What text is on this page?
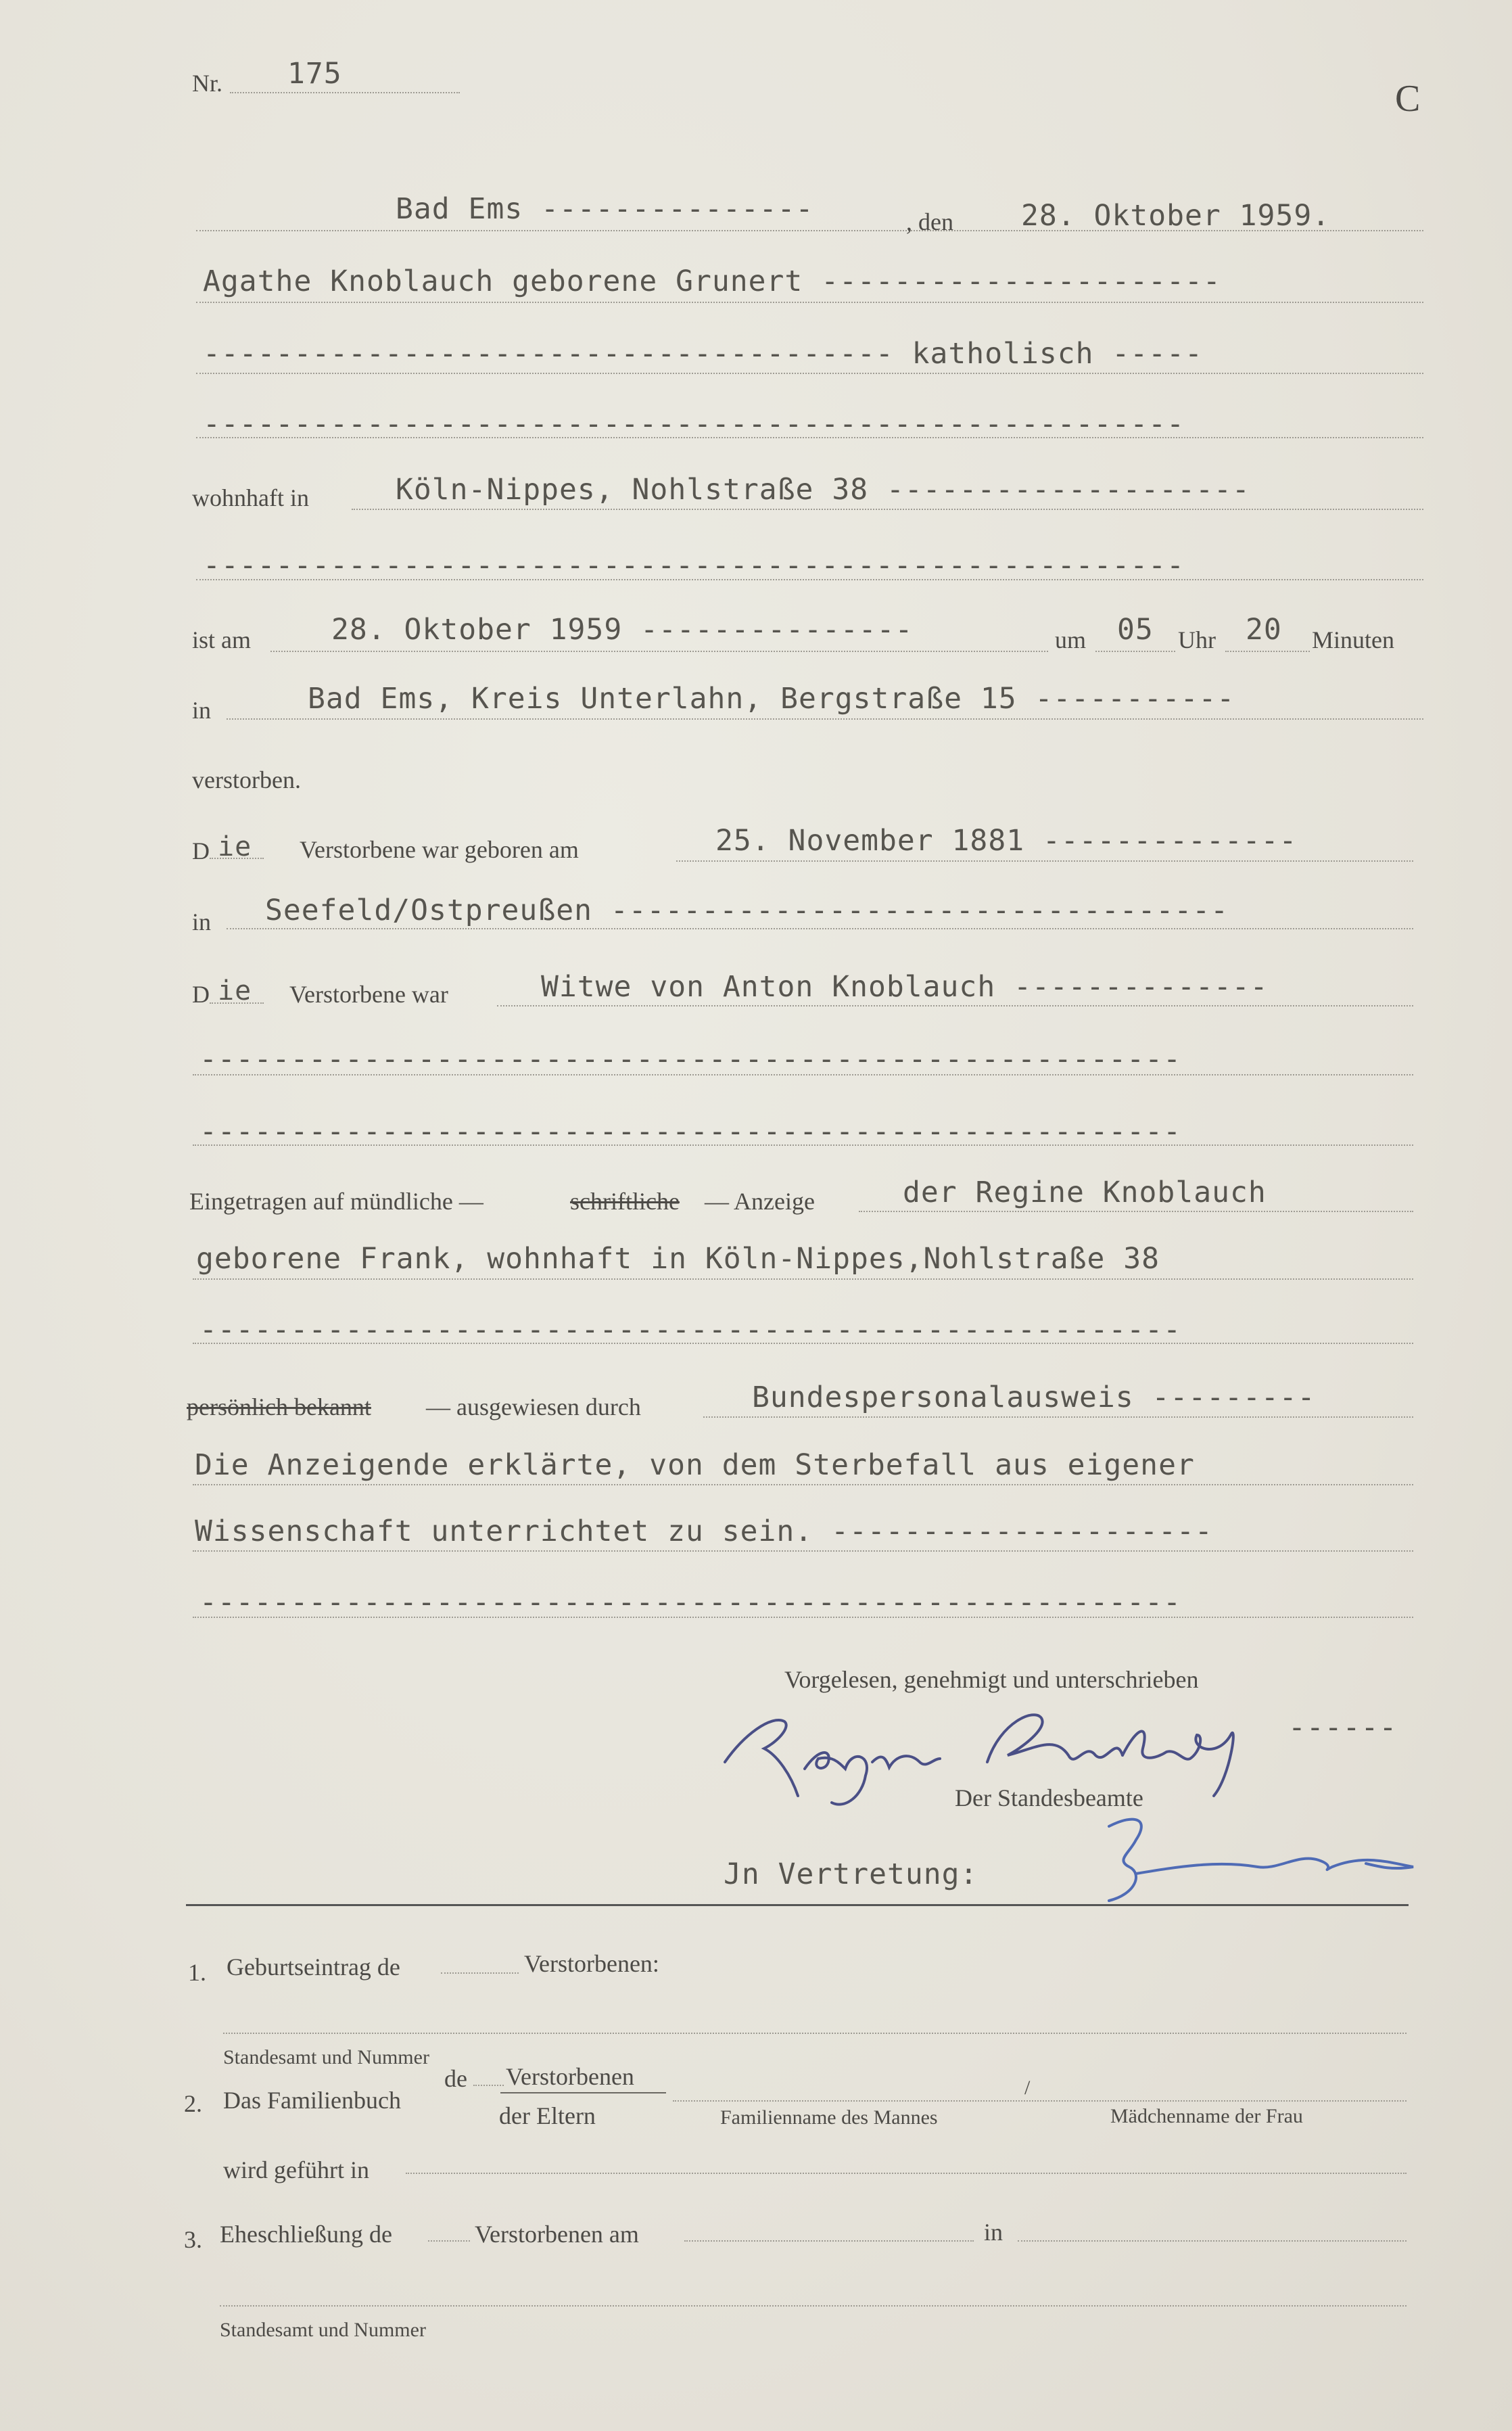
Nr. 175
C
Bad Ems ---------------	, den 28. Oktober 1959.
Agathe Knoblauch geborene Grunert ----------------------
-------------------------------------- katholisch -----
------------------------------------------------------
wohnhaft in	Köln-Nippes, Nohlstraße 38 --------------------
------------------------------------------------------
ist am	28. Oktober 1959 ---------------	um 05 Uhr 20 Minuten
in	Bad Ems, Kreis Unterlahn, Bergstraße 15 -----------
verstorben.
D ie Verstorbene war geboren am	25. November 1881 --------------
in Seefeld/Ostpreußen ----------------------------------
D ie Verstorbene war	Witwe von Anton Knoblauch --------------
------------------------------------------------------
------------------------------------------------------
Eingetragen auf mündliche —	schriftliche — Anzeige	der Regine Knoblauch
geborene Frank, wohnhaft in Köln-Nippes,Nohlstraße 38
------------------------------------------------------
persönlich bekannt — ausgewiesen durch	Bundespersonalausweis ---------
Die Anzeigende erklärte, von dem Sterbefall aus eigener
Wissenschaft unterrichtet zu sein. ---------------------
------------------------------------------------------
Vorgelesen, genehmigt und unterschrieben
------
Der Standesbeamte
Jn Vertretung:
1. Geburtseintrag de	Verstorbenen:
Standesamt und Nummer
2. Das Familienbuch
de Verstorbenen
der Eltern
/
Familienname des Mannes	Mädchenname der Frau
wird geführt in
3. Eheschließung de	Verstorbenen am	in
Standesamt und Nummer
